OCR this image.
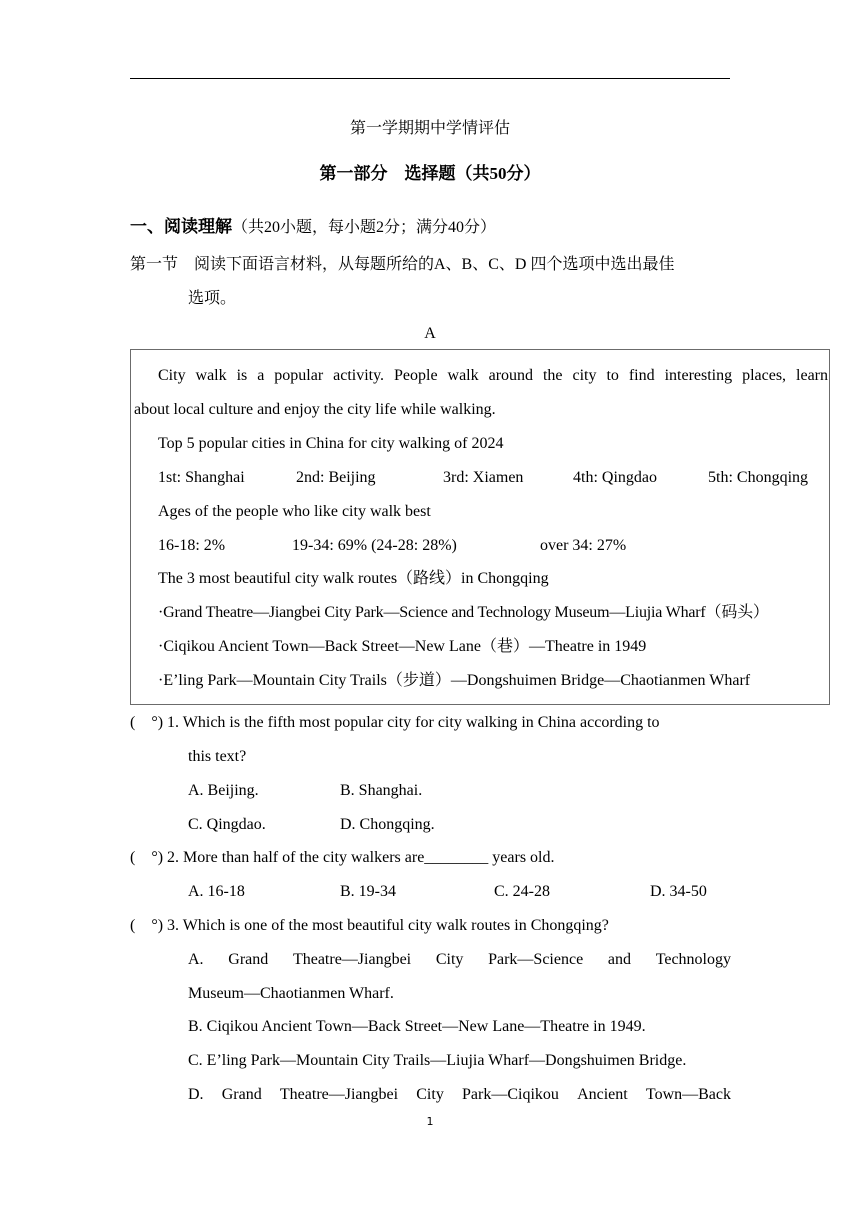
第一学期期中学情评估
第一部分　选择题（共50分）
一、阅读理解（共20小题，每小题2分；满分40分）
第一节　阅读下面语言材料，从每题所给的A、B、C、D 四个选项中选出最佳
选项。
A
City walk is a popular activity. People walk around the city to find interesting places, learn
about local culture and enjoy the city life while walking.
Top 5 popular cities in China for city walking of 2024
1st: Shanghai	2nd: Beijing	3rd: Xiamen	4th: Qingdao	5th: Chongqing
Ages of the people who like city walk best
16-18: 2%	19-34: 69% (24-28: 28%)	over 34: 27%
The 3 most beautiful city walk routes（路线）in Chongqing
·Grand Theatre—Jiangbei City Park—Science and Technology Museum—Liujia Wharf（码头）
·Ciqikou Ancient Town—Back Street—New Lane（巷）—Theatre in 1949
·E’ling Park—Mountain City Trails（步道）—Dongshuimen Bridge—Chaotianmen Wharf
(　°) 1. Which is the fifth most popular city for city walking in China according to
this text?
A. Beijing.	B. Shanghai.
C. Qingdao.	D. Chongqing.
(　°) 2. More than half of the city walkers are________ years old.
A. 16-18	B. 19-34	C. 24-28	D. 34-50
(　°) 3. Which is one of the most beautiful city walk routes in Chongqing?
A.　Grand　Theatre—Jiangbei　City　Park—Science　and　Technology
Museum—Chaotianmen Wharf.
B. Ciqikou Ancient Town—Back Street—New Lane—Theatre in 1949.
C. E’ling Park—Mountain City Trails—Liujia Wharf—Dongshuimen Bridge.
D.　Grand　Theatre—Jiangbei　City　Park—Ciqikou　Ancient　Town—Back
1
